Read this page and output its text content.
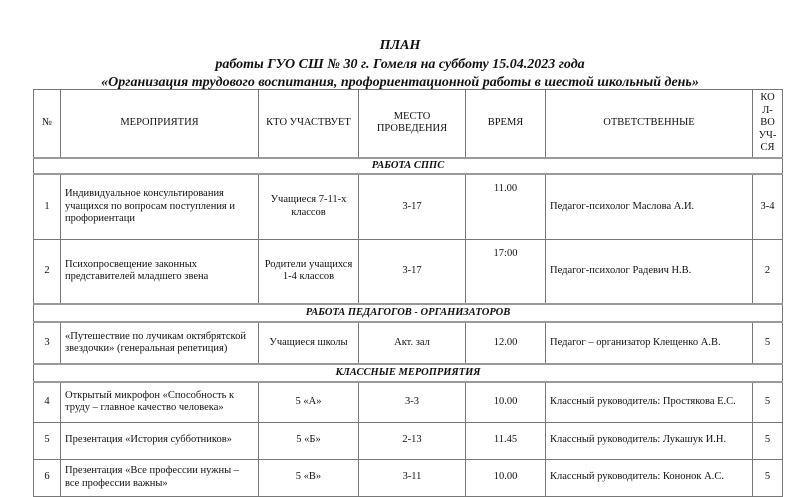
ПЛАН
работы ГУО СШ № 30 г. Гомеля на субботу 15.04.2023 года
«Организация трудового воспитания, профориентационной работы в шестой школьный день»
№	МЕРОПРИЯТИЯ	КТО УЧАСТВУЕТ	МЕСТО ПРОВЕДЕНИЯ	ВРЕМЯ	ОТВЕТСТВЕННЫЕ	КО Л- ВО УЧ- СЯ
РАБОТА СППС						
1	Индивидуальное консультирования учащихся по вопросам поступления и профориентаци	Учащиеся 7-11-х классов	3-17	11.00	Педагог-психолог Маслова А.И.	3-4
2	Психопросвещение законных представителей младшего звена	Родители учащихся 1-4 классов	3-17	17:00	Педагог-психолог Радевич Н.В.	2
РАБОТА ПЕДАГОГОВ - ОРГАНИЗАТОРОВ						
3	«Путешествие по лучикам октябрятской звездочки» (генеральная репетиция)	Учащиеся школы	Акт. зал	12.00	Педагог – организатор Клещенко А.В.	5
КЛАССНЫЕ МЕРОПРИЯТИЯ						
4	Открытый микрофон «Способность к труду – главное качество человека»	5 «А»	3-3	10.00	Классный руководитель: Простякова Е.С.	5
5	Презентация «История субботников»	5 «Б»	2-13	11.45	Классный руководитель: Лукашук И.Н.	5
6	Презентация «Все профессии нужны – все профессии важны»	5 «В»	3-11	10.00	Классный руководитель: Кононок А.С.	5
